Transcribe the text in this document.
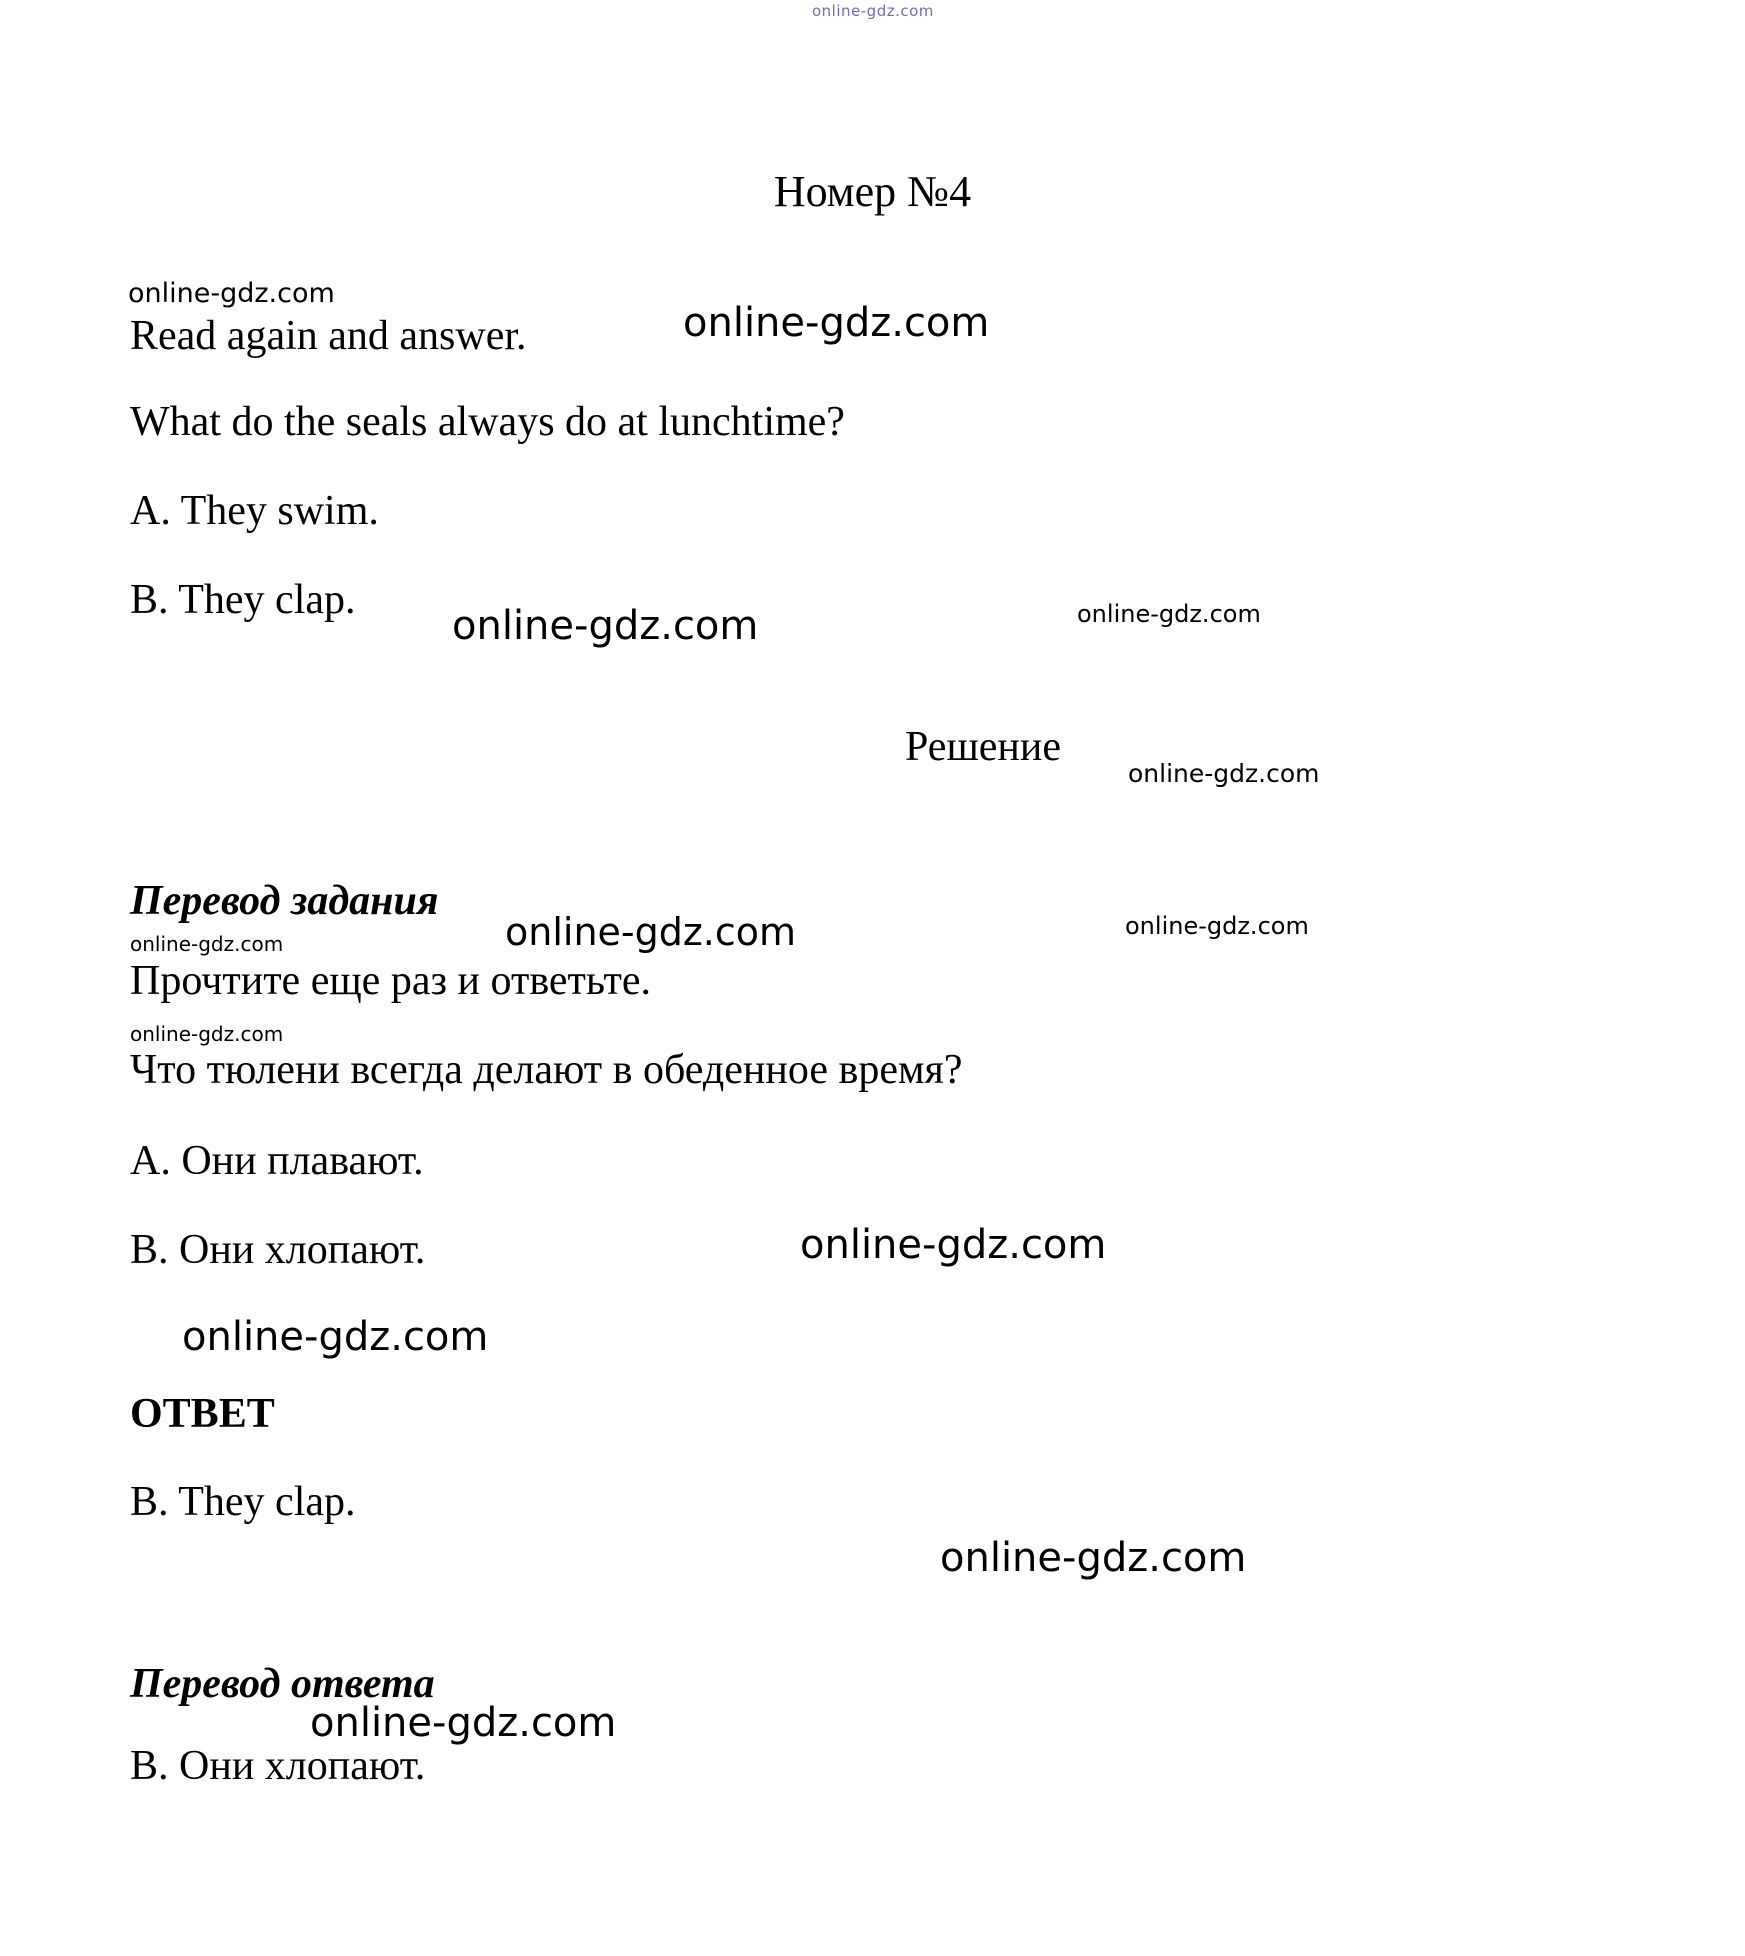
online-gdz.com
Номер №4
online-gdz.com
Read again and answer.	online-gdz.com
What do the seals always do at lunchtime?
A. They swim.
B. They clap.
online-gdz.com	online-gdz.com
Решение
online-gdz.com
Перевод задания
online-gdz.com	online-gdz.com	online-gdz.com
Прочтите еще раз и ответьте.
online-gdz.com
Что тюлени всегда делают в обеденное время?
A. Они плавают.
B. Они хлопают.	online-gdz.com
online-gdz.com
ОТВЕТ
B. They clap.
online-gdz.com
Перевод ответа
online-gdz.com
B. Они хлопают.
